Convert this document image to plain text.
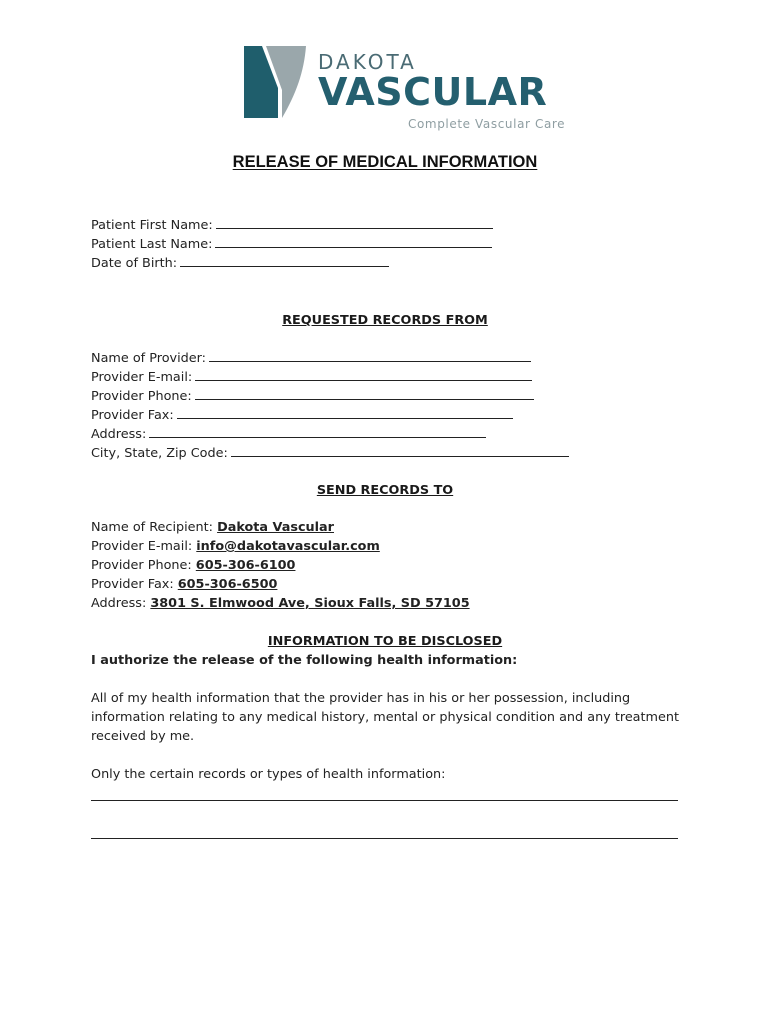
DAKOTA
VASCULAR
Complete Vascular Care
RELEASE OF MEDICAL INFORMATION
Patient First Name:
Patient Last Name:
Date of Birth:
REQUESTED RECORDS FROM
Name of Provider:
Provider E-mail:
Provider Phone:
Provider Fax:
Address:
City, State, Zip Code:
SEND RECORDS TO
Name of Recipient: Dakota Vascular
Provider E-mail: info@dakotavascular.com
Provider Phone: 605-306-6100
Provider Fax: 605-306-6500
Address: 3801 S. Elmwood Ave, Sioux Falls, SD 57105
INFORMATION TO BE DISCLOSED
I authorize the release of the following health information:
All of my health information that the provider has in his or her possession, including
information relating to any medical history, mental or physical condition and any treatment
received by me.
Only the certain records or types of health information:
